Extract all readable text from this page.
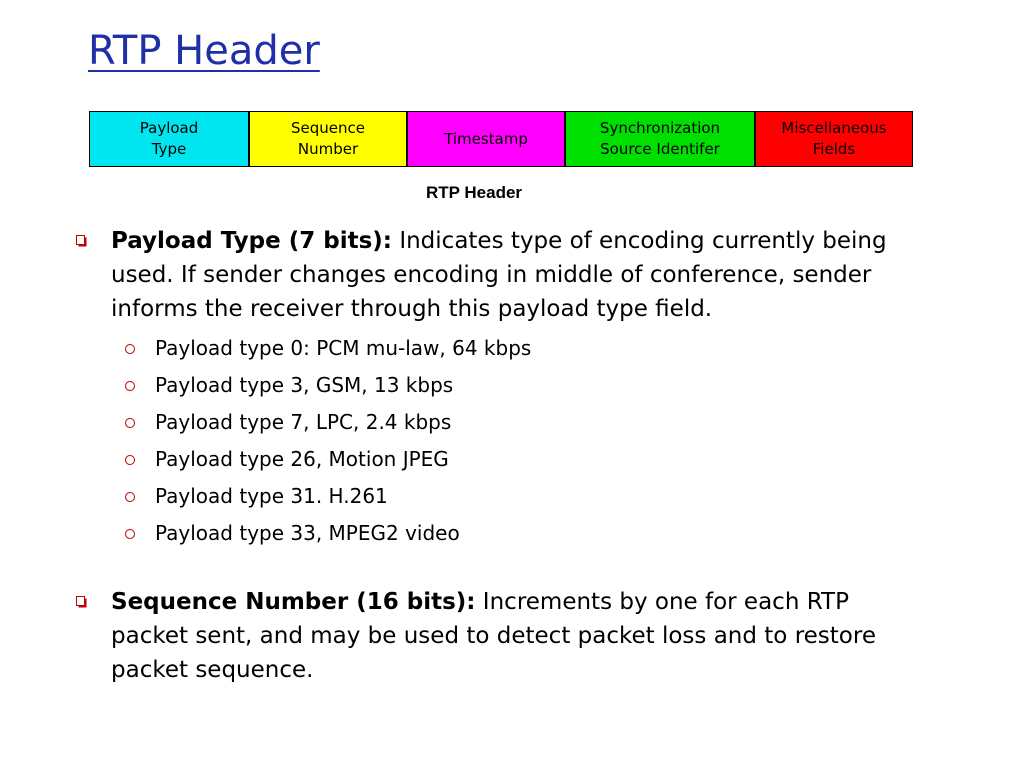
RTP Header
Payload
Type
Sequence
Number
Timestamp
Synchronization
Source Identifer
Miscellaneous
Fields
RTP Header
Payload Type (7 bits): Indicates type of encoding currently being used. If sender changes encoding in middle of conference, sender informs the receiver through this payload type field.
Payload type 0: PCM mu-law, 64 kbps
Payload type 3, GSM, 13 kbps
Payload type 7, LPC, 2.4 kbps
Payload type 26, Motion JPEG
Payload type 31. H.261
Payload type 33, MPEG2 video
Sequence Number (16 bits): Increments by one for each RTP packet sent, and may be used to detect packet loss and to restore packet sequence.
